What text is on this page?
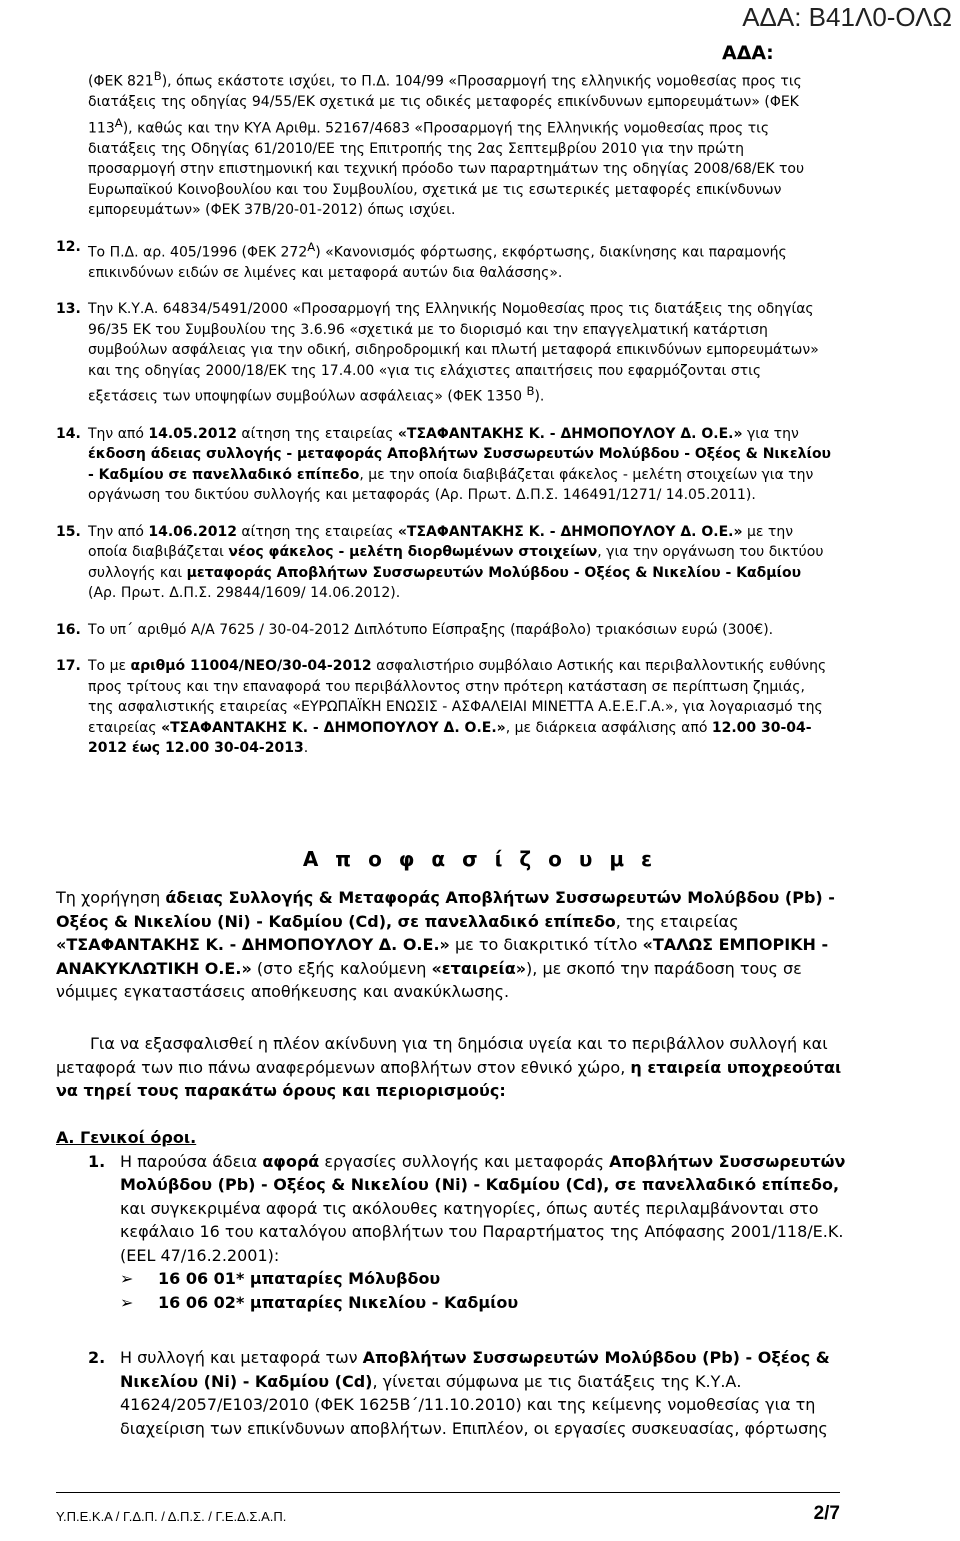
ΑΔΑ: Β41Λ0-ΟΛΩ
ΑΔΑ:

(ΦΕΚ $821^B$), όπως εκάστοτε ισχύει, το Π.Δ. 104/99 «Προσαρμογή της ελληνικής νομοθεσίας προς τις διατάξεις της οδηγίας 94/55/ΕΚ σχετικά με τις οδικές μεταφορές επικίνδυνων εμπορευμάτων» (ΦΕΚ $113^A$), καθώς και την ΚΥΑ Αριθμ. 52167/4683 «Προσαρμογή της Ελληνικής νομοθεσίας προς τις διατάξεις της Οδηγίας 61/2010/ΕΕ της Επιτροπής της 2ας Σεπτεμβρίου 2010 για την πρώτη προσαρμογή στην επιστημονική και τεχνική πρόοδο των παραρτημάτων της οδηγίας 2008/68/ΕΚ του Ευρωπαϊκού Κοινοβουλίου και του Συμβουλίου, σχετικά με τις εσωτερικές μεταφορές επικίνδυνων εμπορευμάτων» (ΦΕΚ 37Β/20-01-2012) όπως ισχύει.

12. Το Π.Δ. αρ. 405/1996 (ΦΕΚ $272^A$) «Κανονισμός φόρτωσης, εκφόρτωσης, διακίνησης και παραμονής επικινδύνων ειδών σε λιμένες και μεταφορά αυτών δια θαλάσσης».

13. Την Κ.Υ.Α. 64834/5491/2000 «Προσαρμογή της Ελληνικής Νομοθεσίας προς τις διατάξεις της οδηγίας 96/35 ΕΚ του Συμβουλίου της 3.6.96 «σχετικά με το διορισμό και την επαγγελματική κατάρτιση συμβούλων ασφάλειας για την οδική, σιδηροδρομική και πλωτή μεταφορά επικινδύνων εμπορευμάτων» και της οδηγίας 2000/18/ΕΚ της 17.4.00 «για τις ελάχιστες απαιτήσεις που εφαρμόζονται στις εξετάσεις των υποψηφίων συμβούλων ασφάλειας» (ΦΕΚ 1350 $^B$).

14. Την από 14.05.2012 αίτηση της εταιρείας «ΤΣΑΦΑΝΤΑΚΗΣ Κ. - ΔΗΜΟΠΟΥΛΟΥ Δ. Ο.Ε.» για την έκδοση άδειας συλλογής - μεταφοράς Αποβλήτων Συσσωρευτών Μολύβδου - Οξέος & Νικελίου - Καδμίου σε πανελλαδικό επίπεδο, με την οποία διαβιβάζεται φάκελος - μελέτη στοιχείων για την οργάνωση του δικτύου συλλογής και μεταφοράς (Αρ. Πρωτ. Δ.Π.Σ. 146491/1271/ 14.05.2011).

15. Την από 14.06.2012 αίτηση της εταιρείας «ΤΣΑΦΑΝΤΑΚΗΣ Κ. - ΔΗΜΟΠΟΥΛΟΥ Δ. Ο.Ε.» με την οποία διαβιβάζεται νέος φάκελος - μελέτη διορθωμένων στοιχείων, για την οργάνωση του δικτύου συλλογής και μεταφοράς Αποβλήτων Συσσωρευτών Μολύβδου - Οξέος & Νικελίου - Καδμίου (Αρ. Πρωτ. Δ.Π.Σ. 29844/1609/ 14.06.2012).

16. Το υπ΄ αριθμό Α/Α 7625 / 30-04-2012 Διπλότυπο Είσπραξης (παράβολο) τριακόσιων ευρώ (300€).

17. Το με αριθμό 11004/ΝΕΟ/30-04-2012 ασφαλιστήριο συμβόλαιο Αστικής και περιβαλλοντικής ευθύνης προς τρίτους και την επαναφορά του περιβάλλοντος στην πρότερη κατάσταση σε περίπτωση ζημιάς, της ασφαλιστικής εταιρείας «ΕΥΡΩΠΑΪΚΗ ΕΝΩΣΙΣ - ΑΣΦΑΛΕΙΑΙ ΜΙΝΕΤΤΑ Α.Ε.Ε.Γ.Α.», για λογαριασμό της εταιρείας «ΤΣΑΦΑΝΤΑΚΗΣ Κ. - ΔΗΜΟΠΟΥΛΟΥ Δ. Ο.Ε.», με διάρκεια ασφάλισης από 12.00 30-04-2012 έως 12.00 30-04-2013.

Α π ο φ α σ ί ζ ο υ μ ε

Τη χορήγηση άδειας Συλλογής & Μεταφοράς Αποβλήτων Συσσωρευτών Μολύβδου (Pb) - Οξέος & Νικελίου (Ni) - Καδμίου (Cd), σε πανελλαδικό επίπεδο, της εταιρείας «ΤΣΑΦΑΝΤΑΚΗΣ Κ. - ΔΗΜΟΠΟΥΛΟΥ Δ. Ο.Ε.» με το διακριτικό τίτλο «ΤΑΛΩΣ ΕΜΠΟΡΙΚΗ - ΑΝΑΚΥΚΛΩΤΙΚΗ Ο.Ε.» (στο εξής καλούμενη «εταιρεία»), με σκοπό την παράδοση τους σε νόμιμες εγκαταστάσεις αποθήκευσης και ανακύκλωσης.

Για να εξασφαλισθεί η πλέον ακίνδυνη για τη δημόσια υγεία και το περιβάλλον συλλογή και μεταφορά των πιο πάνω αναφερόμενων αποβλήτων στον εθνικό χώρο, η εταιρεία υποχρεούται να τηρεί τους παρακάτω όρους και περιορισμούς:

Α. Γενικοί όροι.

1. Η παρούσα άδεια αφορά εργασίες συλλογής και μεταφοράς Αποβλήτων Συσσωρευτών Μολύβδου (Pb) - Οξέος & Νικελίου (Ni) - Καδμίου (Cd), σε πανελλαδικό επίπεδο, και συγκεκριμένα αφορά τις ακόλουθες κατηγορίες, όπως αυτές περιλαμβάνονται στο κεφάλαιο 16 του καταλόγου αποβλήτων του Παραρτήματος της Απόφασης 2001/118/Ε.Κ. (ΕΕL 47/16.2.2001):

➢	16 06 01* μπαταρίες Μόλυβδου
➢	16 06 02* μπαταρίες Νικελίου - Καδμίου
2. Η συλλογή και μεταφορά των Αποβλήτων Συσσωρευτών Μολύβδου (Pb) - Οξέος & Νικελίου (Ni) - Καδμίου (Cd), γίνεται σύμφωνα με τις διατάξεις της Κ.Υ.Α. 41624/2057/Ε103/2010 (ΦΕΚ 1625Β΄/11.10.2010) και της κείμενης νομοθεσίας για τη διαχείριση των επικίνδυνων αποβλήτων. Επιπλέον, οι εργασίες συσκευασίας, φόρτωσης

Υ.Π.Ε.Κ.Α / Γ.Δ.Π. / Δ.Π.Σ. / Γ.Ε.Δ.Σ.Α.Π.	2/7
